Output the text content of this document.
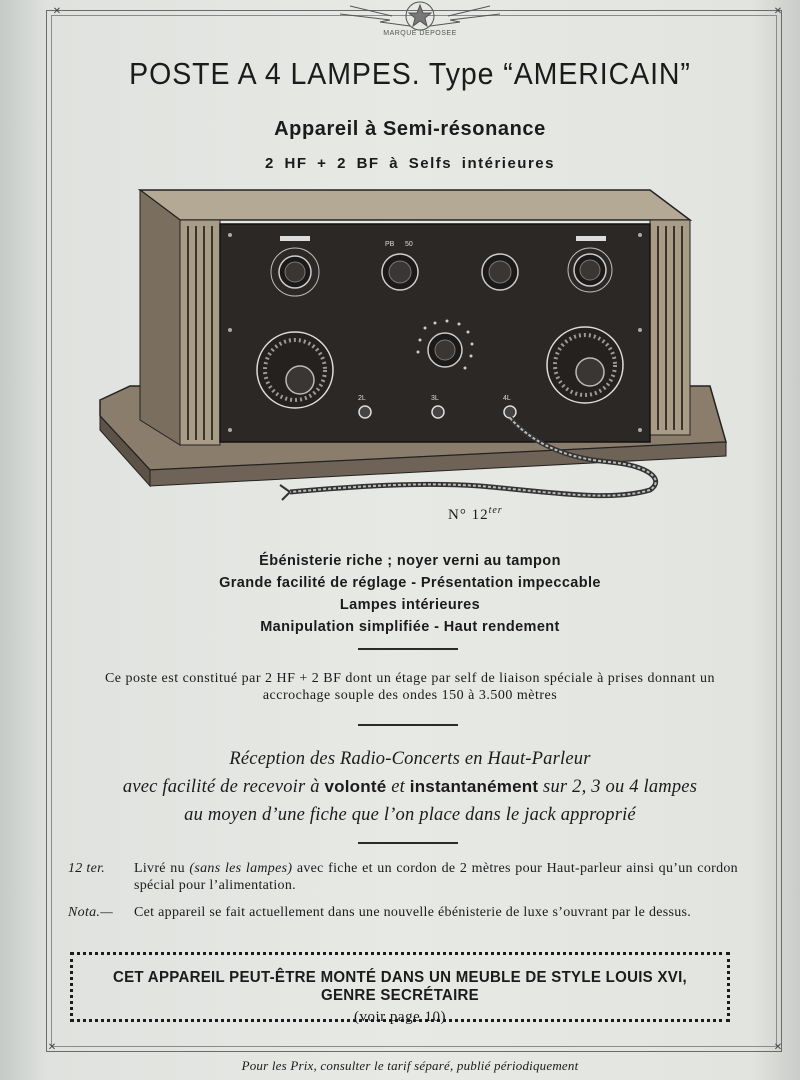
✕	✕
✕	✕
MARQUE DEPOSEE
POSTE A 4 LAMPES. Type “AMERICAIN”
Appareil à Semi-résonance
2 HF + 2 BF à Selfs intérieures
PB 50
2L	3L	4L
N° $12^{ter}$
Ébénisterie riche ; noyer verni au tampon
Grande facilité de réglage - Présentation impeccable
Lampes intérieures
Manipulation simplifiée - Haut rendement
Ce poste est constitué par 2 HF + 2 BF dont un étage par self de liaison spéciale à prises donnant un accrochage souple des ondes 150 à 3.500 mètres
Réception des Radio-Concerts en Haut-Parleur
avec facilité de recevoir à volonté et instantanément sur 2, 3 ou 4 lampes
au moyen d’une fiche que l’on place dans le jack approprié
12 ter.	Livré nu (sans les lampes) avec fiche et un cordon de 2 mètres pour Haut-parleur ainsi qu’un cordon spécial pour l’alimentation.
Nota.—	Cet appareil se fait actuellement dans une nouvelle ébénisterie de luxe s’ouvrant par le dessus.
CET APPAREIL PEUT-ÊTRE MONTÉ DANS UN MEUBLE DE STYLE LOUIS XVI, GENRE SECRÉTAIRE
(voir page 10)
Pour les Prix, consulter le tarif séparé, publié périodiquement
